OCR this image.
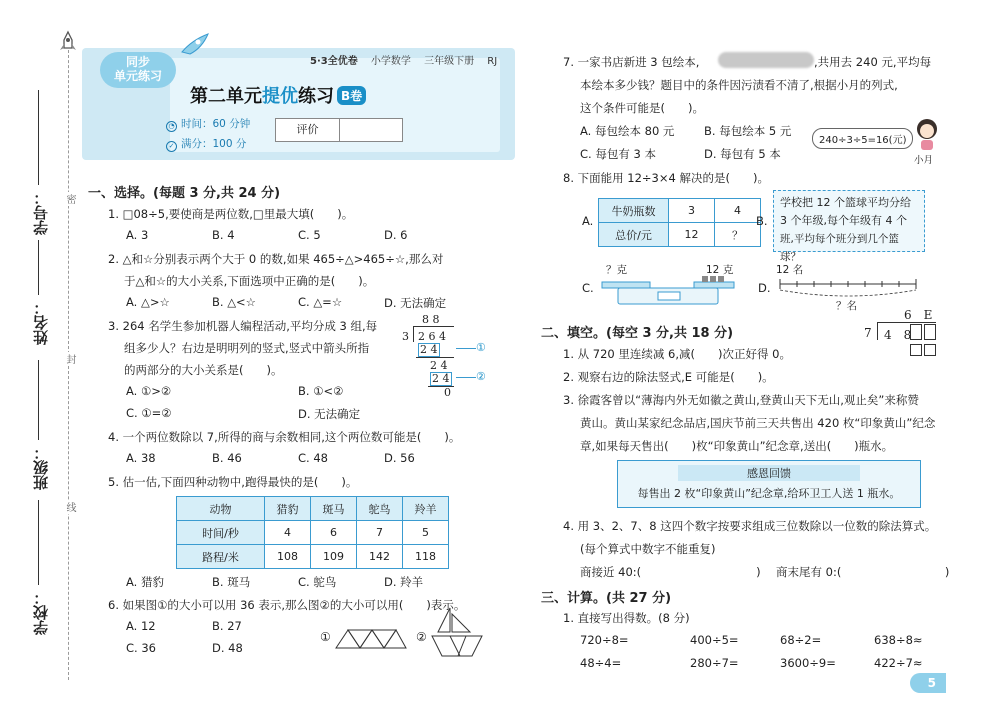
学号：
姓名：
班级：
学校：
密
封
线
同步
单元练习
5·3全优卷 小学数学 三年级下册 RJ
第二单元提优练习 B卷
◔ 时间：60 分钟
✓ 满分：100 分
评价
一、选择。(每题 3 分,共 24 分)
1. □08÷5,要使商是两位数,□里最大填(　　)。
A. 3	B. 4	C. 5	D. 6
2. △和☆分别表示两个大于 0 的数,如果 465÷△>465÷☆,那么对
于△和☆的大小关系,下面选项中正确的是(　　)。
A. △>☆	B. △<☆	C. △=☆	D. 无法确定
3. 264 名学生参加机器人编程活动,平均分成 3 组,每
组多少人？右边是明明列的竖式,竖式中箭头所指
的两部分的大小关系是(　　)。
A. ①>②	B. ①<②
C. ①=②	D. 无法确定
8 8
3 2 6 4
2 4
2 4
2 4
0
①
②
4. 一个两位数除以 7,所得的商与余数相同,这个两位数可能是(　　)。
A. 38	B. 46	C. 48	D. 56
5. 估一估,下面四种动物中,跑得最快的是(　　)。
动物	猎豹	斑马	鸵鸟	羚羊
时间/秒	4	6	7	5
路程/米	108	109	142	118
A. 猎豹	B. 斑马	C. 鸵鸟	D. 羚羊
6. 如果图①的大小可以用 36 表示,那么图②的大小可以用(　　)表示。
A. 12	B. 27
C. 36	D. 48
①	②
7. 一家书店新进 3 包绘本,	,共用去 240 元,平均每
本绘本多少钱？题目中的条件因污渍看不清了,根据小月的列式,
这个条件可能是(　　)。
A. 每包绘本 80 元	B. 每包绘本 5 元
C. 每包有 3 本	D. 每包有 5 本
240÷3÷5=16(元)
小月
8. 下面能用 12÷3×4 解决的是(　　)。
A.
牛奶瓶数	3	4
总价/元	12	？
B.
学校把 12 个篮球平均分给
3 个年级,每个年级有 4 个
班,平均每个班分到几个篮球？
C.
？克	12 克
D.
12 名
？名
二、填空。(每空 3 分,共 18 分)
1. 从 720 里连续减 6,减(　　)次正好得 0。
2. 观察右边的除法竖式,E 可能是(　　)。
6　E
7 4　8
3. 徐霞客曾以“薄海内外无如徽之黄山,登黄山天下无山,观止矣”来称赞
黄山。黄山某家纪念品店,国庆节前三天共售出 420 枚“印象黄山”纪念
章,如果每天售出(　　)枚“印象黄山”纪念章,送出(　　)瓶水。
感恩回馈
每售出 2 枚“印象黄山”纪念章,给环卫工人送 1 瓶水。
4. 用 3、2、7、8 这四个数字按要求组成三位数除以一位数的除法算式。
(每个算式中数字不能重复)
商接近 40:(　　　　　　　　　　) 商末尾有 0:(　　　　　　　　　)
三、计算。(共 27 分)
1. 直接写出得数。(8 分)
720÷8=	400÷5=	68÷2=	638÷8≈
48÷4=	280÷7=	3600÷9=	422÷7≈
5
